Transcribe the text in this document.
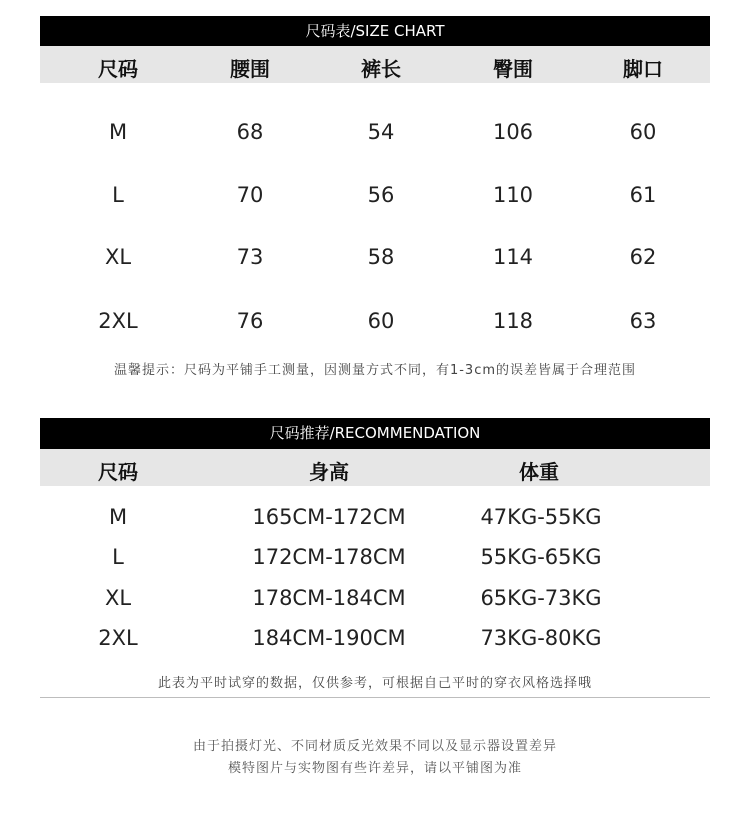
尺码表/SIZE CHART
尺码	腰围	裤长	臀围	脚口
M	68	54	106	60
L	70	56	110	61
XL	73	58	114	62
2XL	76	60	118	63
温馨提示：尺码为平铺手工测量，因测量方式不同，有1-3cm的误差皆属于合理范围
尺码推荐/RECOMMENDATION
尺码	身高	体重
M	165CM-172CM	47KG-55KG
L	172CM-178CM	55KG-65KG
XL	178CM-184CM	65KG-73KG
2XL	184CM-190CM	73KG-80KG
此表为平时试穿的数据，仅供参考，可根据自己平时的穿衣风格选择哦
由于拍摄灯光、不同材质反光效果不同以及显示器设置差异
模特图片与实物图有些许差异，请以平铺图为准
